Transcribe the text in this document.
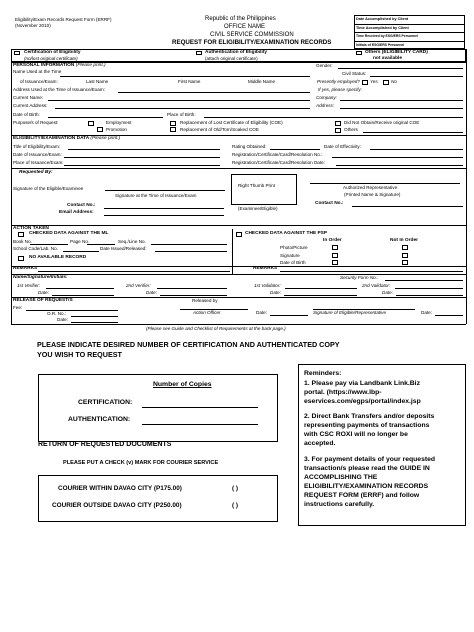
Eligibility/Exam Records Request Form (ERRF)
(November 2010)
Republic of the Philippines
OFFICE NAME
CIVIL SERVICE COMMISSION
REQUEST FOR ELIGIBILITY/EXAMINATION RECORDS
Date Accomplished by Client
Time Accomplished by Client
Time Received by ESG/ERS Personnel
Initials of ESG/ERS Personnel
Certification of Eligibility
(no/lost original certificate)
Authentication of Eligibility
(attach original certificate)
Others (ELIGIBILITY CARD)
not available
PERSONAL INFORMATION (Please print.)
Name Used at the Time
of Issuance/Exam:	Last Name	First Name	Middle Name	Presently employed? Yes	No
Gender:
Civil Status:
Address Used at the Time of Issuance/Exam:	If yes, please specify:
Current Name:	Company:
Current Address:	Address:
Date of Birth:	Place of Birth:
Purpose/s of Request:	Employment
Promotion
Replacement of Lost Certificate of Eligibility (COE)
Replacement of Old/Torn/Soaked COE
Did Not Obtain/Receive original COE
Others
ELIGIBILITY/EXAMINATION DATA (Please print.)
Title of Eligibility/Exam:	Rating Obtained:	Date of Effectivity:
Date of Issuance/Exam:	Registration/Certificate/Card/Resolution No.:
Place of Issuance/Exam:	Registration/Certificate/Card/Resolution Date:
Requested By:
Signature of the Eligible/Examinee
Signature at the Time of Issuance/Exam
Right Thumb Print
(Examinee/Eligible)
Authorized Representative
(Printed Name & Signature)
Contact No.:	Contact No.:
Email Address:
ACTION TAKEN
CHECKED DATA AGAINST THE ML
Book No.	Page No.	Seq./Line No.
School Code/Lab. No.	Date Issued/Released:
NO AVAILABLE RECORD
CHECKED DATA AGAINST THE PSP
In Order	Not In Order
Photo/Picture
Signature
Date of Birth
REMARKS	REMARKS
Name/Signature/Initials:	Security Form No.:
1st Verifier:	2nd Verifier:
Date:	Date:
1st Validator:	2nd Validator:
Date:	Date:
RELEASE OF REQUEST/S	Released by
Fee:
O.R. No.:
Date:
Action Officer	Date:	Signature of Eligible/Representative	Date:
(Please see Guide and Checklist of Requirements at the back page.)
PLEASE INDICATE DESIRED NUMBER OF CERTIFICATION AND AUTHENTICATED COPY
YOU WISH TO REQUEST
Number of Copies
CERTIFICATION:
AUTHENTICATION:
RETURN OF REQUESTED DOCUMENTS
PLEASE PUT A CHECK (v) MARK FOR COURIER SERVICE
COURIER WITHIN DAVAO CITY (P175.00)	( )
COURIER OUTSIDE DAVAO CITY (P250.00)	( )
Reminders:
1. Please pay via Landbank Link.Biz
portal. (https://www.lbp-
eservices.com/egps/portal/index.jsp
2. Direct Bank Transfers and/or deposits
representing payments of transactions
with CSC ROXI will no longer be
accepted.
3. For payment details of your requested
transaction/s please read the GUIDE IN
ACCOMPLISHING THE
ELIGIBILITY/EXAMINATION RECORDS
REQUEST FORM (ERRF) and follow
instructions carefully.
